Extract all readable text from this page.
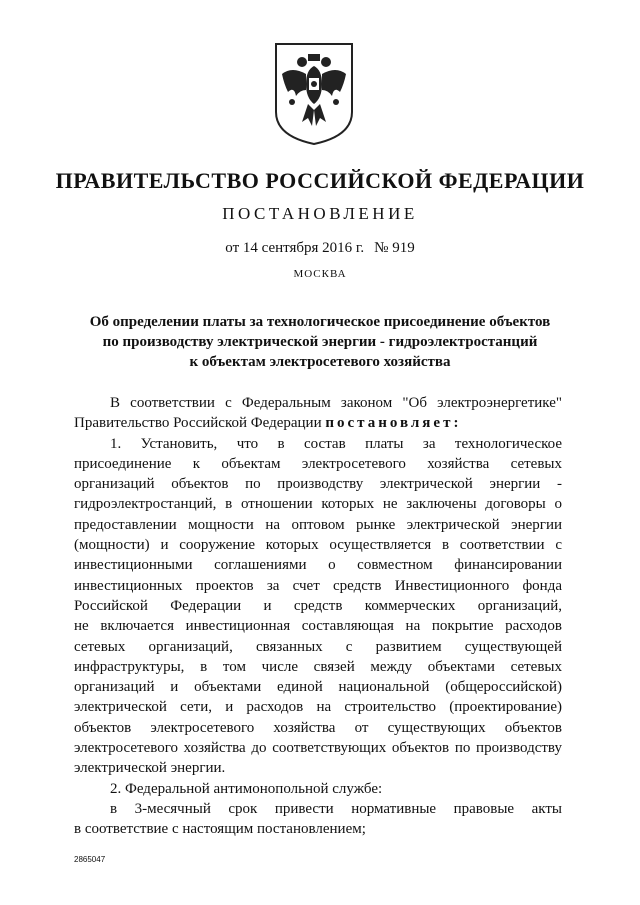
ПРАВИТЕЛЬСТВО РОССИЙСКОЙ ФЕДЕРАЦИИ
ПОСТАНОВЛЕНИЕ
от 14 сентября 2016 г. № 919
МОСКВА
Об определении платы за технологическое присоединение объектов
по производству электрической энергии - гидроэлектростанций
к объектам электросетевого хозяйства
В соответствии с Федеральным законом "Об электроэнергетике"
Правительство Российской Федерации постановляет:
1. Установить, что в состав платы за технологическое
присоединение к объектам электросетевого хозяйства сетевых
организаций объектов по производству электрической энергии -
гидроэлектростанций, в отношении которых не заключены договоры о
предоставлении мощности на оптовом рынке электрической энергии
(мощности) и сооружение которых осуществляется в соответствии с
инвестиционными соглашениями о совместном финансировании
инвестиционных проектов за счет средств Инвестиционного фонда
Российской Федерации и средств коммерческих организаций,
не включается инвестиционная составляющая на покрытие расходов
сетевых организаций, связанных с развитием существующей
инфраструктуры, в том числе связей между объектами сетевых
организаций и объектами единой национальной (общероссийской)
электрической сети, и расходов на строительство (проектирование)
объектов электросетевого хозяйства от существующих объектов
электросетевого хозяйства до соответствующих объектов по производству
электрической энергии.
2. Федеральной антимонопольной службе:
в 3-месячный срок привести нормативные правовые акты
в соответствие с настоящим постановлением;
2865047
